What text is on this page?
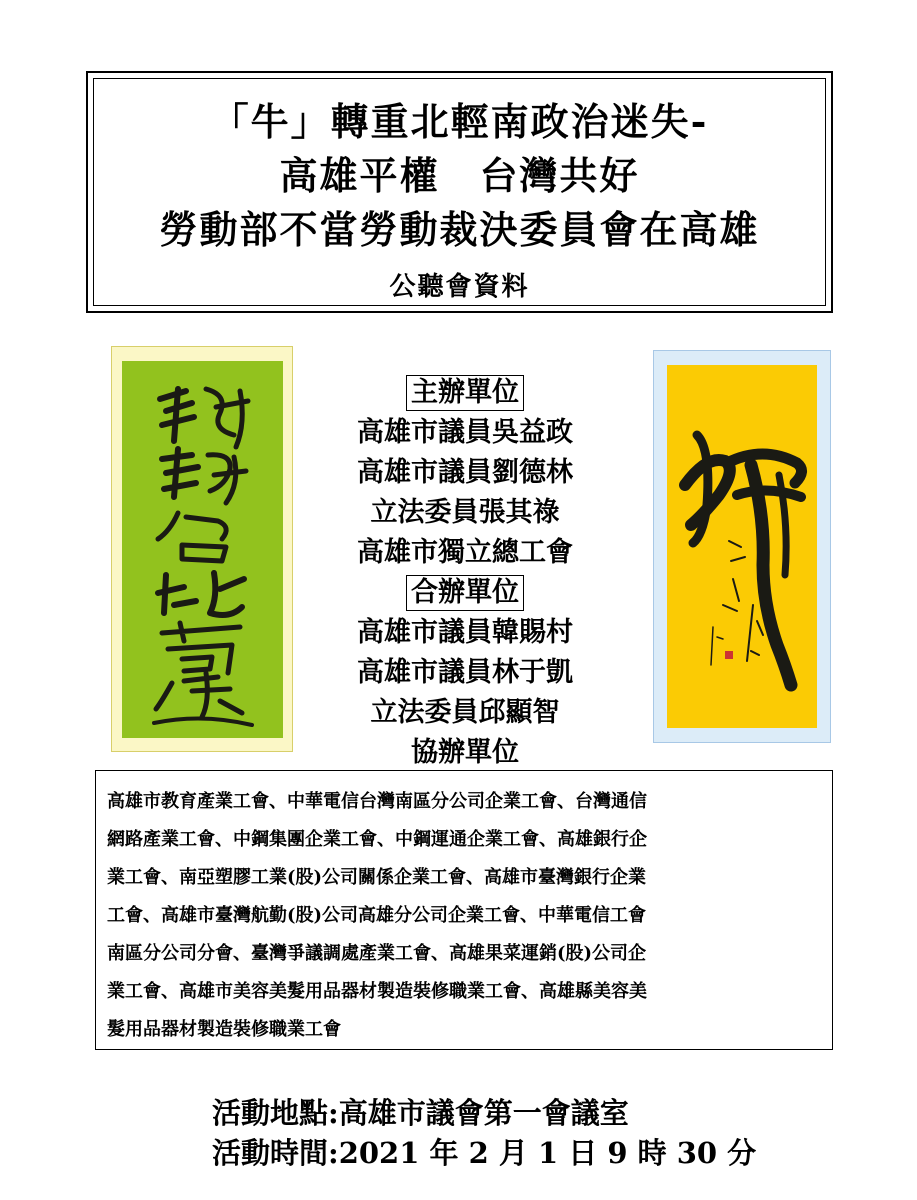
「牛」轉重北輕南政治迷失-
高雄平權　台灣共好
勞動部不當勞動裁決委員會在高雄
公聽會資料
主辦單位
高雄市議員吳益政
高雄市議員劉德林
立法委員張其祿
高雄市獨立總工會
合辦單位
高雄市議員韓賜村
高雄市議員林于凱
立法委員邱顯智
協辦單位
高雄市教育產業工會、中華電信台灣南區分公司企業工會、台灣通信
網路產業工會、中鋼集團企業工會、中鋼運通企業工會、高雄銀行企
業工會、南亞塑膠工業(股)公司關係企業工會、高雄市臺灣銀行企業
工會、高雄市臺灣航勤(股)公司高雄分公司企業工會、中華電信工會
南區分公司分會、臺灣爭議調處產業工會、高雄果菜運銷(股)公司企
業工會、高雄市美容美髮用品器材製造裝修職業工會、高雄縣美容美
髮用品器材製造裝修職業工會
活動地點:高雄市議會第一會議室
活動時間:2021 年 2 月 1 日 9 時 30 分
